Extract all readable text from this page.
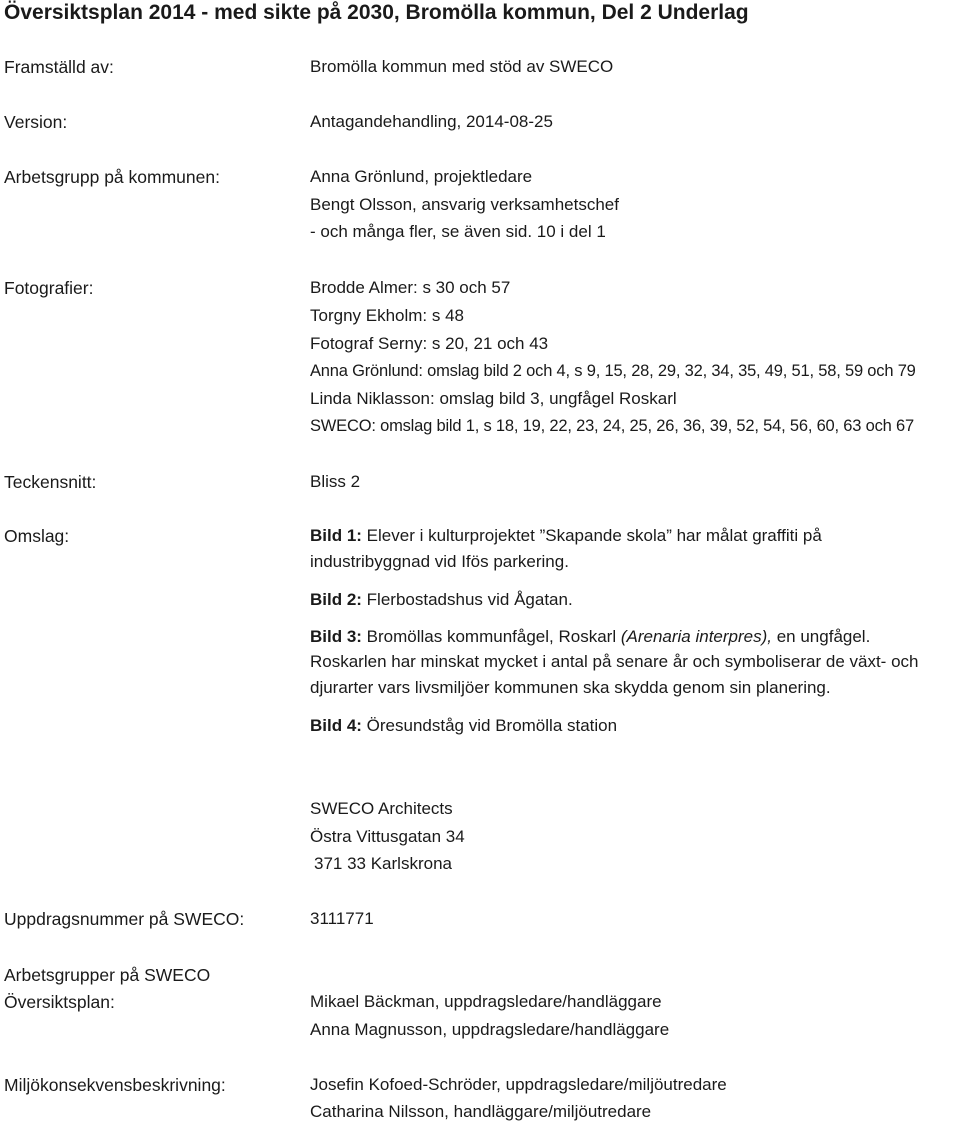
Översiktsplan 2014 - med sikte på 2030, Bromölla kommun, Del 2 Underlag
Framställd av:	Bromölla kommun med stöd av SWECO
Version:	Antagandehandling, 2014-08-25
Arbetsgrupp på kommunen:	Anna Grönlund, projektledare
Bengt Olsson, ansvarig verksamhetschef
- och många fler, se även sid. 10 i del 1
Fotografier:	Brodde Almer: s 30 och 57
Torgny Ekholm: s 48
Fotograf Serny: s 20, 21 och 43
Anna Grönlund: omslag bild 2 och 4, s 9, 15, 28, 29, 32, 34, 35, 49, 51, 58, 59 och 79
Linda Niklasson: omslag bild 3, ungfågel Roskarl
SWECO: omslag bild 1, s 18, 19, 22, 23, 24, 25, 26, 36, 39, 52, 54, 56, 60, 63 och 67
Teckensnitt:	Bliss 2
Omslag:	Bild 1: Elever i kulturprojektet ”Skapande skola” har målat graffiti på
industribyggnad vid Ifös parkering.
Bild 2: Flerbostadshus vid Ågatan.
Bild 3: Bromöllas kommunfågel, Roskarl (Arenaria interpres), en ungfågel.
Roskarlen har minskat mycket i antal på senare år och symboliserar de växt- och
djurarter vars livsmiljöer kommunen ska skydda genom sin planering.
Bild 4: Öresundståg vid Bromölla station
SWECO Architects
Östra Vittusgatan 34
371 33 Karlskrona
Uppdragsnummer på SWECO:	3111771
Arbetsgrupper på SWECO
Översiktsplan:	Mikael Bäckman, uppdragsledare/handläggare
Anna Magnusson, uppdragsledare/handläggare
Miljökonsekvensbeskrivning:	Josefin Kofoed-Schröder, uppdragsledare/miljöutredare
Catharina Nilsson, handläggare/miljöutredare
